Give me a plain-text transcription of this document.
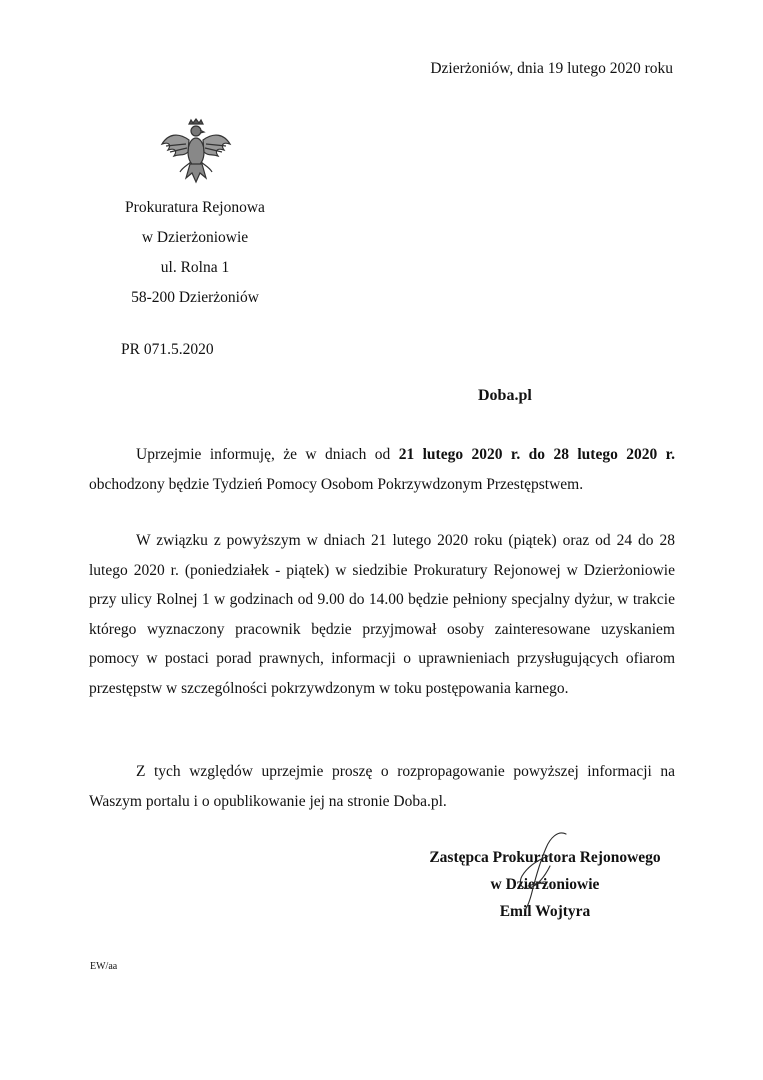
Dzierżoniów, dnia 19 lutego 2020 roku

Prokuratura Rejonowa

w Dzierżoniowie

ul. Rolna 1

58-200 Dzierżoniów

PR 071.5.2020

Doba.pl

Uprzejmie informuję, że w dniach od 21 lutego 2020 r. do 28 lutego 2020 r. obchodzony będzie Tydzień Pomocy Osobom Pokrzywdzonym Przestępstwem.

W związku z powyższym w dniach 21 lutego 2020 roku (piątek) oraz od 24 do 28 lutego 2020 r. (poniedziałek - piątek) w siedzibie Prokuratury Rejonowej w Dzierżoniowie przy ulicy Rolnej 1 w godzinach od 9.00 do 14.00 będzie pełniony specjalny dyżur, w trakcie którego wyznaczony pracownik będzie przyjmował osoby zainteresowane uzyskaniem pomocy w postaci porad prawnych, informacji o uprawnieniach przysługujących ofiarom przestępstw w szczególności pokrzywdzonym w toku postępowania karnego.

Z tych względów uprzejmie proszę o rozpropagowanie powyższej informacji na Waszym portalu i o opublikowanie jej na stronie Doba.pl.

Zastępca Prokuratora Rejonowego

w Dzierżoniowie

Emil Wojtyra

EW/aa
